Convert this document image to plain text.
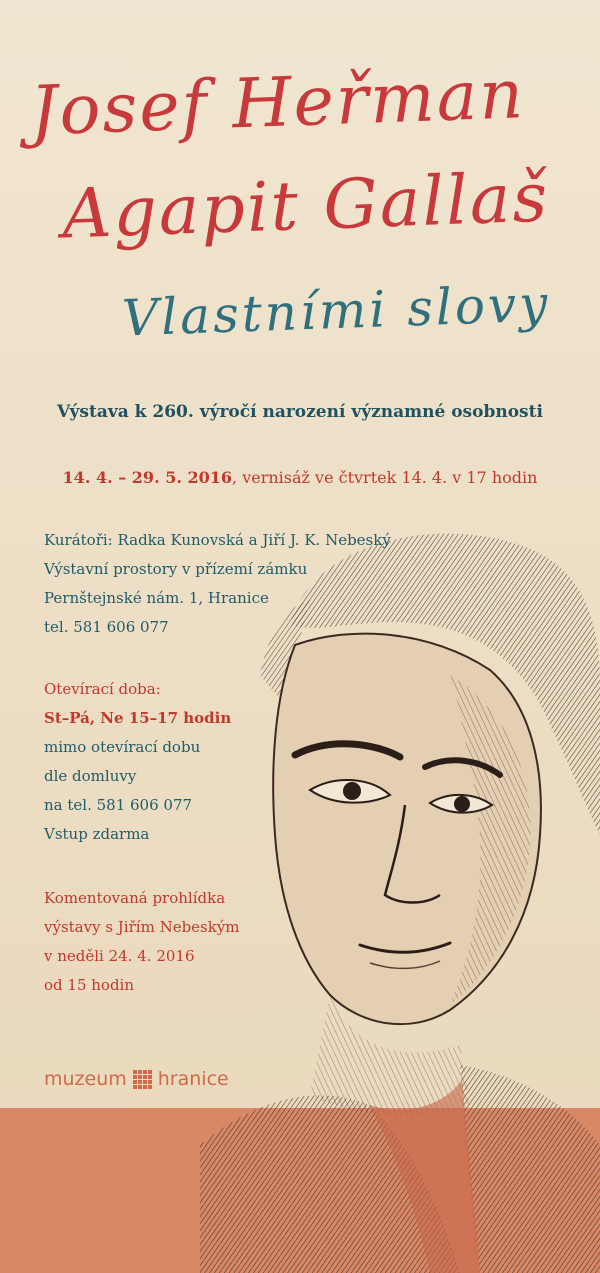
Josef Heřman
Agapit Gallaš
Vlastními slovy
Výstava k 260. výročí narození významné osobnosti
14. 4. – 29. 5. 2016, vernisáž ve čtvrtek 14. 4. v 17 hodin
Kurátoři: Radka Kunovská a Jiří J. K. Nebeský
Výstavní prostory v přízemí zámku
Pernštejnské nám. 1, Hranice
tel. 581 606 077
Otevírací doba:
St–Pá, Ne 15–17 hodin
mimo otevírací dobu
dle domluvy
na tel. 581 606 077
Vstup zdarma
Komentovaná prohlídka
výstavy s Jiřím Nebeským
v neděli 24. 4. 2016
od 15 hodin
muzeum hranice
